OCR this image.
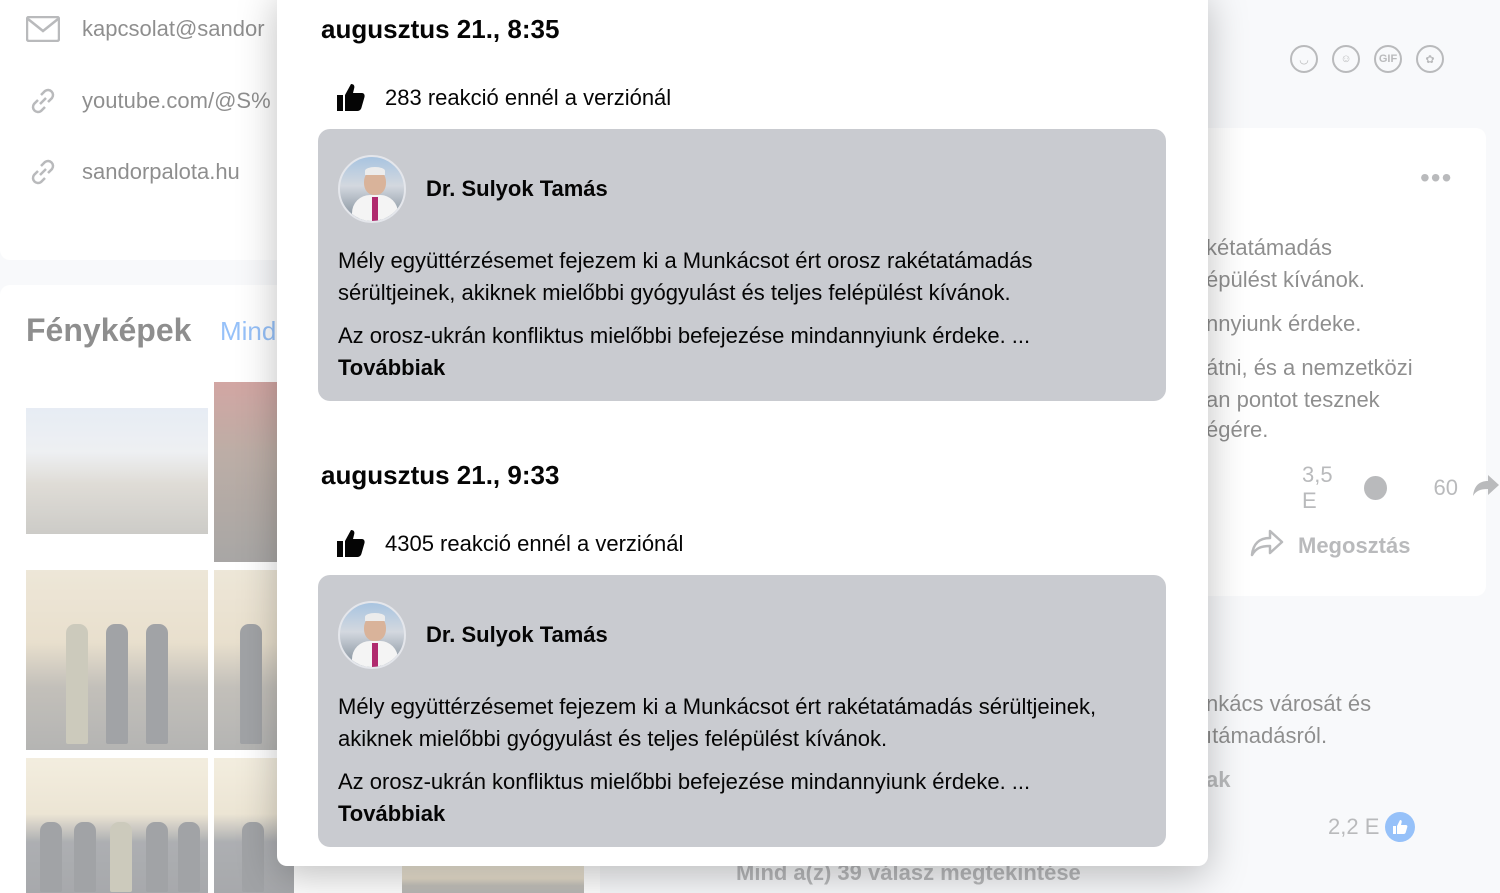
augusztus 21., 8:35
283 reakció ennél a verziónál
Dr. Sulyok Tamás
Mély együttérzésemet fejezem ki a Munkácsot ért orosz rakétatámadás sérültjeinek, akiknek mielőbbi gyógyulást és teljes felépülést kívánok.
Az orosz-ukrán konfliktus mielőbbi befejezése mindannyiunk érdeke. ...
Továbbiak
augusztus 21., 9:33
4305 reakció ennél a verziónál
Dr. Sulyok Tamás
Mély együttérzésemet fejezem ki a Munkácsot ért rakétatámadás sérültjeinek, akiknek mielőbbi gyógyulást és teljes felépülést kívánok.
Az orosz-ukrán konfliktus mielőbbi befejezése mindannyiunk érdeke. ...
Továbbiak
